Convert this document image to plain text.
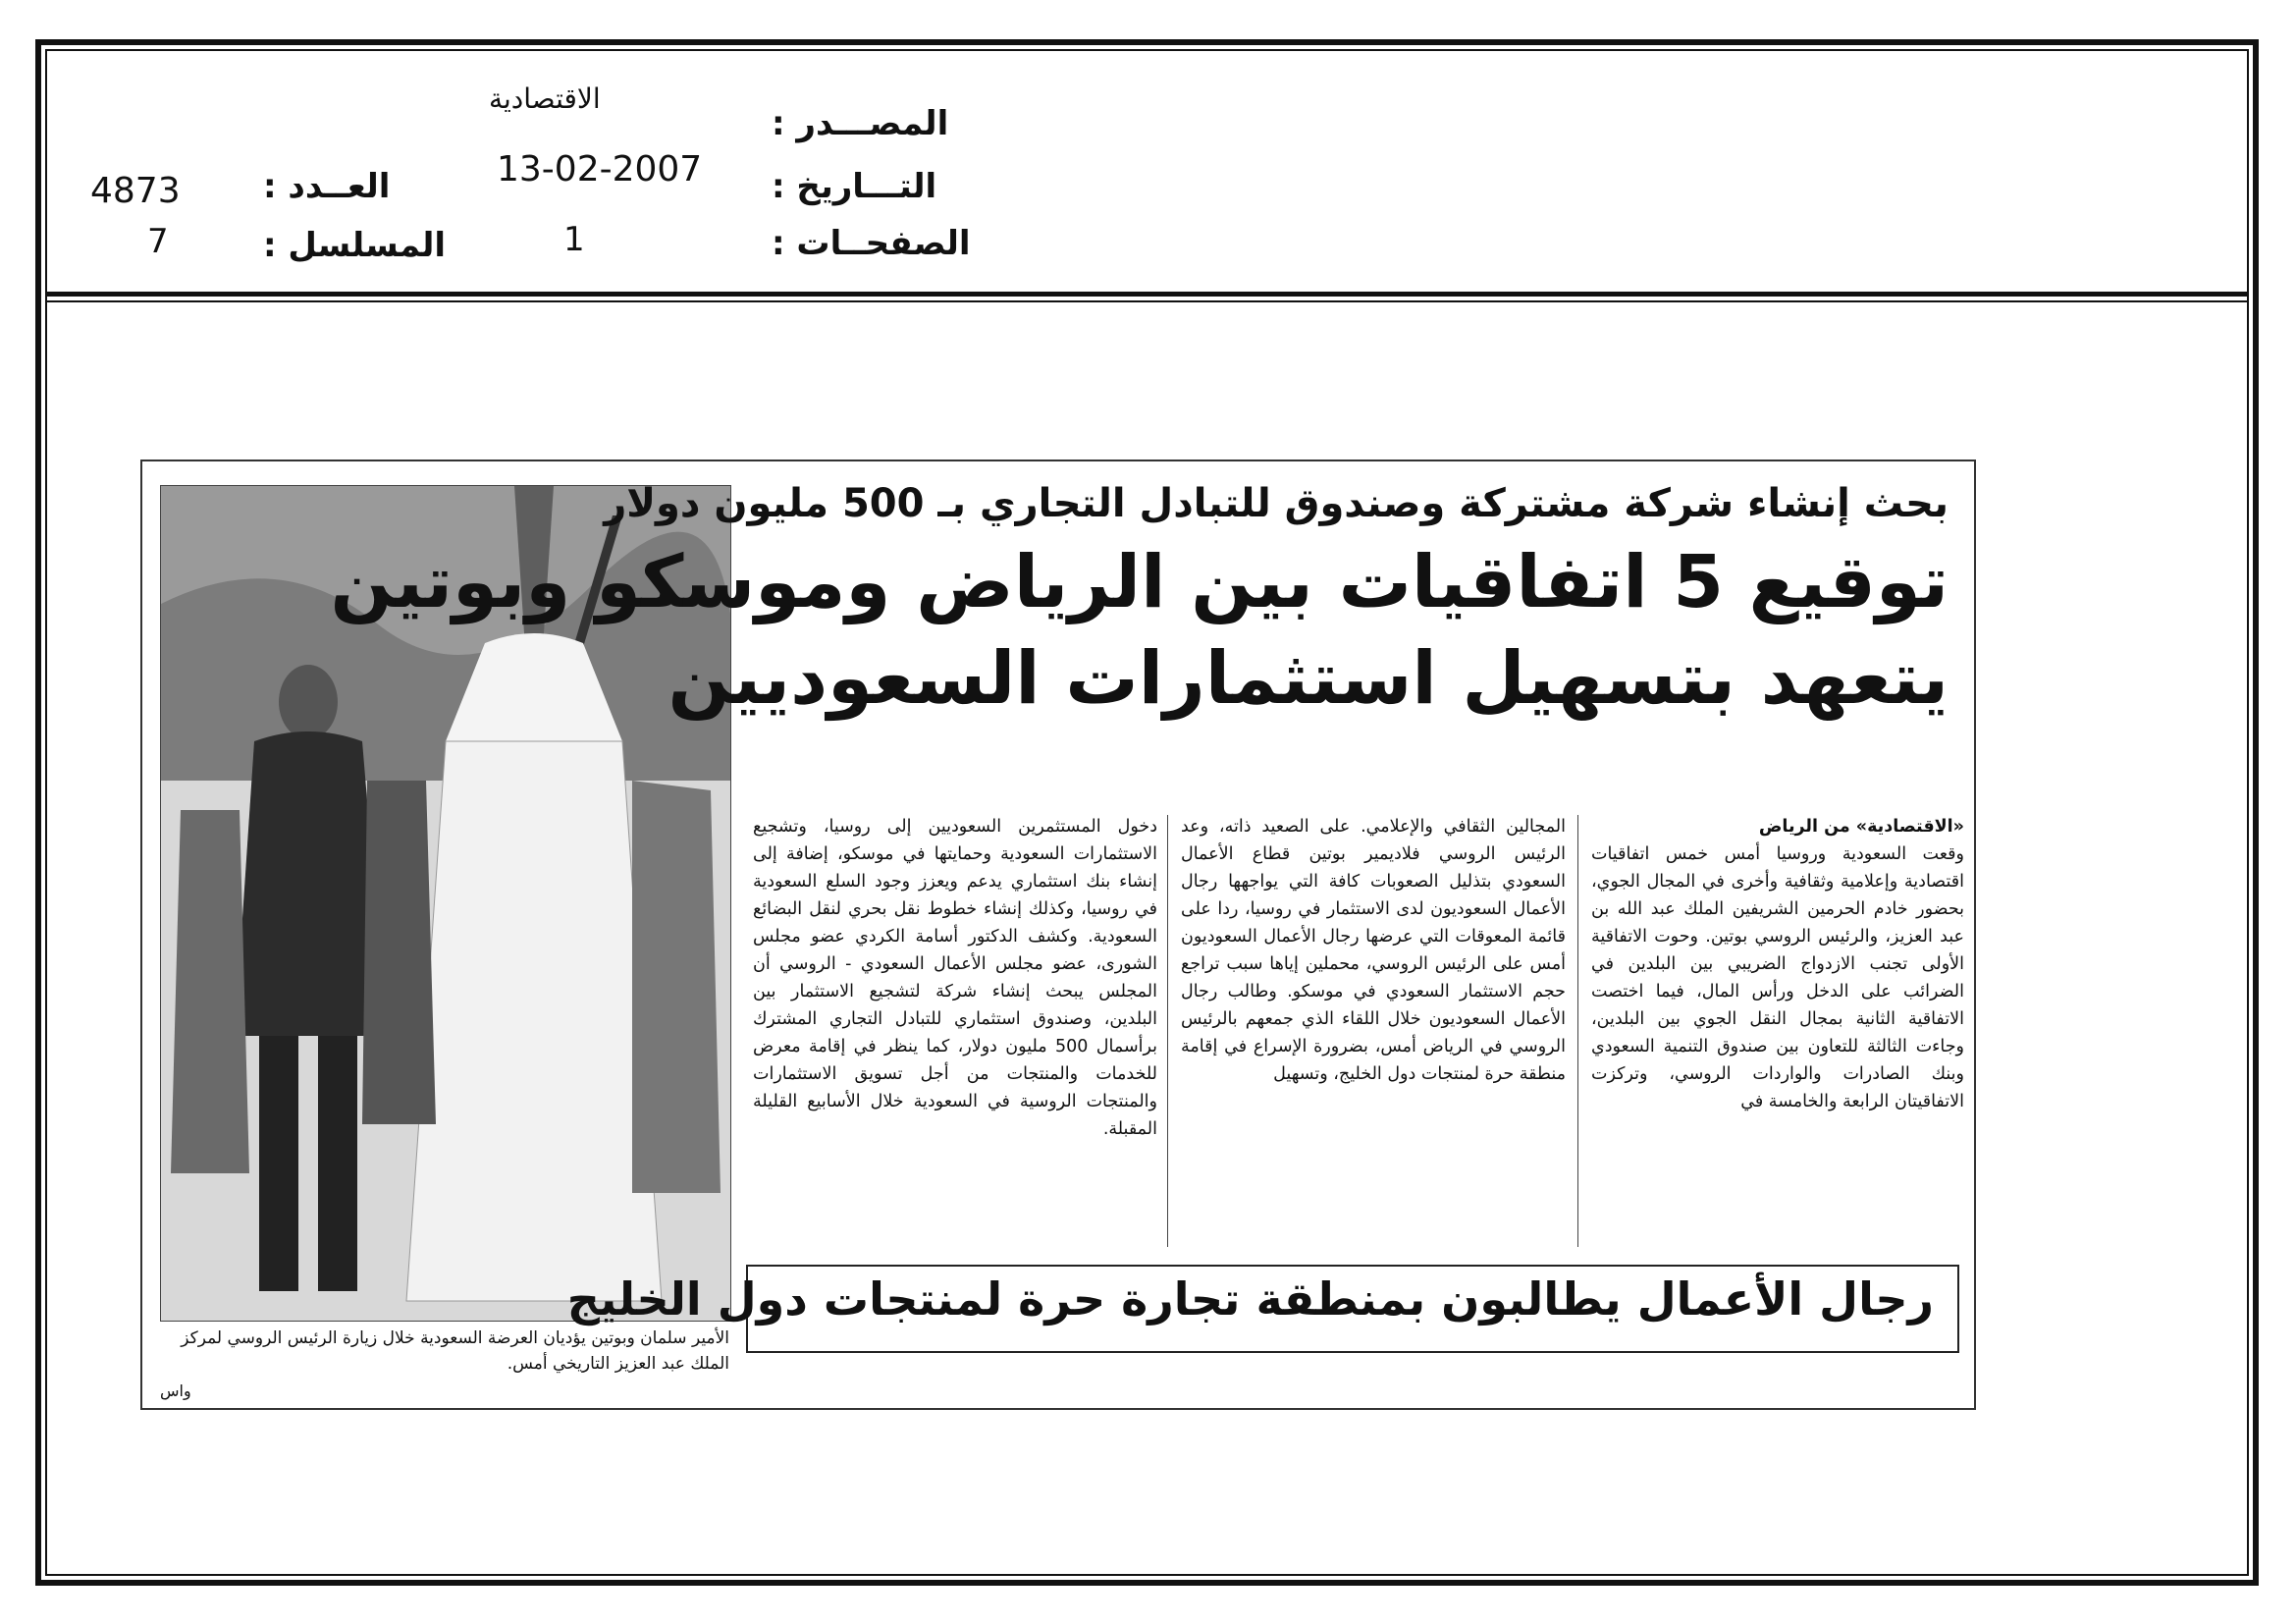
الاقتصادية
المصـــدر :
13-02-2007 التـــاريخ :
1	الصفحــات :
4873 العــدد :
7	المسلسل :
الأمير سلمان وبوتين يؤديان العرضة السعودية خلال زيارة الرئيس الروسي لمركز الملك عبد العزيز التاريخي أمس.
واس
بحث إنشاء شركة مشتركة وصندوق للتبادل التجاري بـ 500 مليون دولار
توقيع 5 اتفاقيات بين الرياض وموسكو وبوتين
يتعهد بتسهيل استثمارات السعوديين

«الاقتصادية» من الرياض

وقعت السعودية وروسيا أمس خمس اتفاقيات اقتصادية وإعلامية وثقافية وأخرى في المجال الجوي، بحضور خادم الحرمين الشريفين الملك عبد الله بن عبد العزيز، والرئيس الروسي بوتين. وحوت الاتفاقية الأولى تجنب الازدواج الضريبي بين البلدين في الضرائب على الدخل ورأس المال، فيما اختصت الاتفاقية الثانية بمجال النقل الجوي بين البلدين، وجاءت الثالثة للتعاون بين صندوق التنمية السعودي وبنك الصادرات والواردات الروسي، وتركزت الاتفاقيتان الرابعة والخامسة في

المجالين الثقافي والإعلامي. على الصعيد ذاته، وعد الرئيس الروسي فلاديمير بوتين قطاع الأعمال السعودي بتذليل الصعوبات كافة التي يواجهها رجال الأعمال السعوديون لدى الاستثمار في روسيا، ردا على قائمة المعوقات التي عرضها رجال الأعمال السعوديون أمس على الرئيس الروسي، محملين إياها سبب تراجع حجم الاستثمار السعودي في موسكو. وطالب رجال الأعمال السعوديون خلال اللقاء الذي جمعهم بالرئيس الروسي في الرياض أمس، بضرورة الإسراع في إقامة منطقة حرة لمنتجات دول الخليج، وتسهيل

دخول المستثمرين السعوديين إلى روسيا، وتشجيع الاستثمارات السعودية وحمايتها في موسكو، إضافة إلى إنشاء بنك استثماري يدعم ويعزز وجود السلع السعودية في روسيا، وكذلك إنشاء خطوط نقل بحري لنقل البضائع السعودية. وكشف الدكتور أسامة الكردي عضو مجلس الشورى، عضو مجلس الأعمال السعودي - الروسي أن المجلس يبحث إنشاء شركة لتشجيع الاستثمار بين البلدين، وصندوق استثماري للتبادل التجاري المشترك برأسمال 500 مليون دولار، كما ينظر في إقامة معرض للخدمات والمنتجات من أجل تسويق الاستثمارات والمنتجات الروسية في السعودية خلال الأسابيع القليلة المقبلة.

رجال الأعمال يطالبون بمنطقة تجارة حرة لمنتجات دول الخليج
